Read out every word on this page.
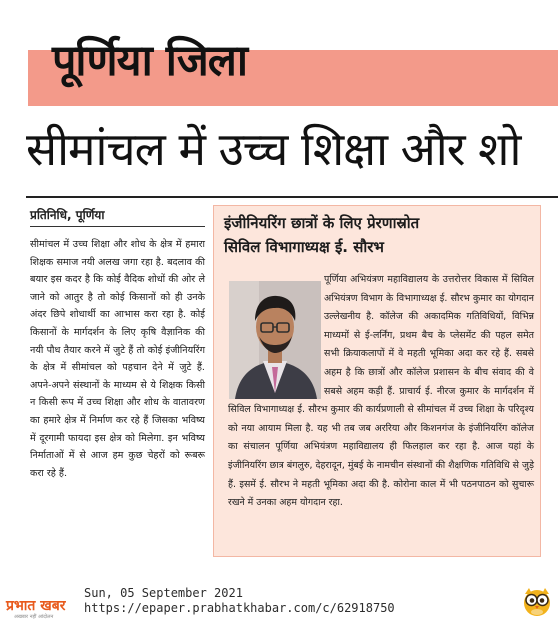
पूर्णिया जिला
सीमांचल में उच्च शिक्षा और शो
प्रतिनिधि, पूर्णिया

सीमांचल में उच्च शिक्षा और शोध के क्षेत्र में हमारा शिक्षक समाज नयी अलख जगा रहा है. बदलाव की बयार इस कदर है कि कोई वैदिक शोधों की ओर ले जाने को आतुर है तो कोई किसानों को ही उनके अंदर छिपे शोधार्थी का आभास करा रहा है. कोई किसानों के मार्गदर्शन के लिए कृषि वैज्ञानिक की नयी पौध तैयार करने में जुटे हैं तो कोई इंजीनियरिंग के क्षेत्र में सीमांचल को पहचान देने में जुटे हैं. अपने-अपने संस्थानों के माध्यम से ये शिक्षक किसी न किसी रूप में उच्च शिक्षा और शोध के वातावरण का हमारे क्षेत्र में निर्माण कर रहे हैं जिसका भविष्य में दूरगामी फायदा इस क्षेत्र को मिलेगा. इन भविष्य निर्माताओं में से आज हम कुछ चेहरों को रूबरू करा रहे हैं.

इंजीनियरिंग छात्रों के लिए प्रेरणास्रोत
सिविल विभागाध्यक्ष ई. सौरभ

पूर्णिया अभियंत्रण महाविद्यालय के उत्तरोत्तर विकास में सिविल अभियंत्रण विभाग के विभागाध्यक्ष ई. सौरभ कुमार का योगदान उल्लेखनीय है. कॉलेज की अकादमिक गतिविधियों, विभिन्न माध्यमों से ई-लर्निंग, प्रथम बैच के प्लेसमेंट की पहल समेत सभी क्रियाकलापों में वे महती भूमिका अदा कर रहे हैं. सबसे अहम है कि छात्रों और कॉलेज प्रशासन के बीच संवाद की वे सबसे अहम कड़ी हैं. प्राचार्य ई. नीरज कुमार के मार्गदर्शन में सिविल विभागाध्यक्ष ई. सौरभ कुमार की कार्यप्रणाली से सीमांचल में उच्च शिक्षा के परिदृश्य को नया आयाम मिला है. यह भी तब जब अररिया और किशनगंज के इंजीनियरिंग कॉलेज का संचालन पूर्णिया अभियंत्रण महाविद्यालय ही फिलहाल कर रहा है. आज यहां के इंजीनियरिंग छात्र बंगलुरु, देहरादून, मुंबई के नामचीन संस्थानों की शैक्षणिक गतिविधि से जुड़े हैं. इसमें ई. सौरभ ने महती भूमिका अदा की है. कोरोना काल में भी पठनपाठन को सुचारू रखने में उनका अहम योगदान रहा.

प्रभात खबर
अखबार नहीं आंदोलन
Sun, 05 September 2021
https://epaper.prabhatkhabar.com/c/62918750
